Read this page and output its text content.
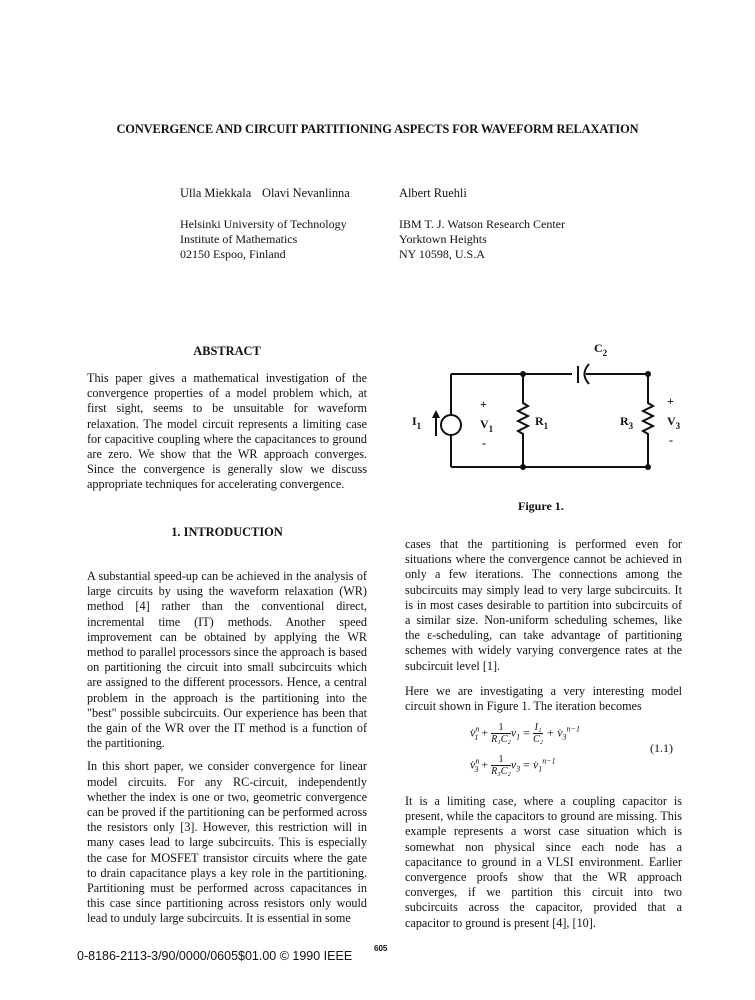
CONVERGENCE AND CIRCUIT PARTITIONING ASPECTS FOR WAVEFORM RELAXATION
Ulla Miekkala Olavi Nevanlinna	Albert Ruehli
Helsinki University of Technology
Institute of Mathematics
02150 Espoo, Finland
IBM T. J. Watson Research Center
Yorktown Heights
NY 10598, U.S.A
ABSTRACT

This paper gives a mathematical investigation of the convergence properties of a model problem which, at first sight, seems to be unsuitable for waveform relaxation. The model circuit represents a limiting case for capacitive coupling where the capacitances to ground are zero. We show that the WR approach converges. Since the convergence is generally slow we discuss appropriate techniques for accelerating convergence.

$C_2$
$I_1$
+
$V_1$
-
$R_1$	$R_3$
+
$V_3$
-
Figure 1.
1. INTRODUCTION

A substantial speed-up can be achieved in the analysis of large circuits by using the waveform relaxation (WR) method [4] rather than the conventional direct, incremental time (IT) methods. Another speed improvement can be obtained by applying the WR method to parallel processors since the approach is based on partitioning the circuit into small subcircuits which are assigned to the different processors. Hence, a central problem in the approach is the partitioning into the "best" possible subcircuits. Our experience has been that the gain of the WR over the IT method is a function of the partitioning.

In this short paper, we consider convergence for linear model circuits. For any RC-circuit, independently whether the index is one or two, geometric convergence can be proved if the partitioning can be performed across the resistors only [3]. However, this restriction will in many cases lead to large subcircuits. This is especially the case for MOSFET transistor circuits where the gate to drain capacitance plays a key role in the partitioning. Partitioning must be performed across capacitances in this case since partitioning across resistors only would lead to unduly large subcircuits. It is essential in some

cases that the partitioning is performed even for situations where the convergence cannot be achieved in only a few iterations. The connections among the subcircuits may simply lead to very large subcircuits. It is in most cases desirable to partition into subcircuits of a similar size. Non-uniform scheduling schemes, like the ε-scheduling, can take advantage of partitioning schemes with widely varying convergence rates at the subcircuit level [1].

Here we are investigating a very interesting model circuit shown in Figure 1. The iteration becomes

v̇$^n_1$ + $\frac{1}{\text{R₁C₂}} v_1 = \frac{\text{I₁}}{\text{C₂}}$ + $v̇_3^{n-1}$
v̇$^n_3$ + $\frac{1}{\text{R₃C₂}} v_3$ = $v̇_1^{n-1}$
(1.1)

It is a limiting case, where a coupling capacitor is present, while the capacitors to ground are missing. This example represents a worst case situation which is somewhat non physical since each node has a capacitance to ground in a VLSI environment. Earlier convergence proofs show that the WR approach converges, if we partition this circuit into two subcircuits across the capacitor, provided that a capacitor to ground is present [4], [10].

0-8186-2113-3/90/0000/0605$01.00 © 1990 IEEE
605
